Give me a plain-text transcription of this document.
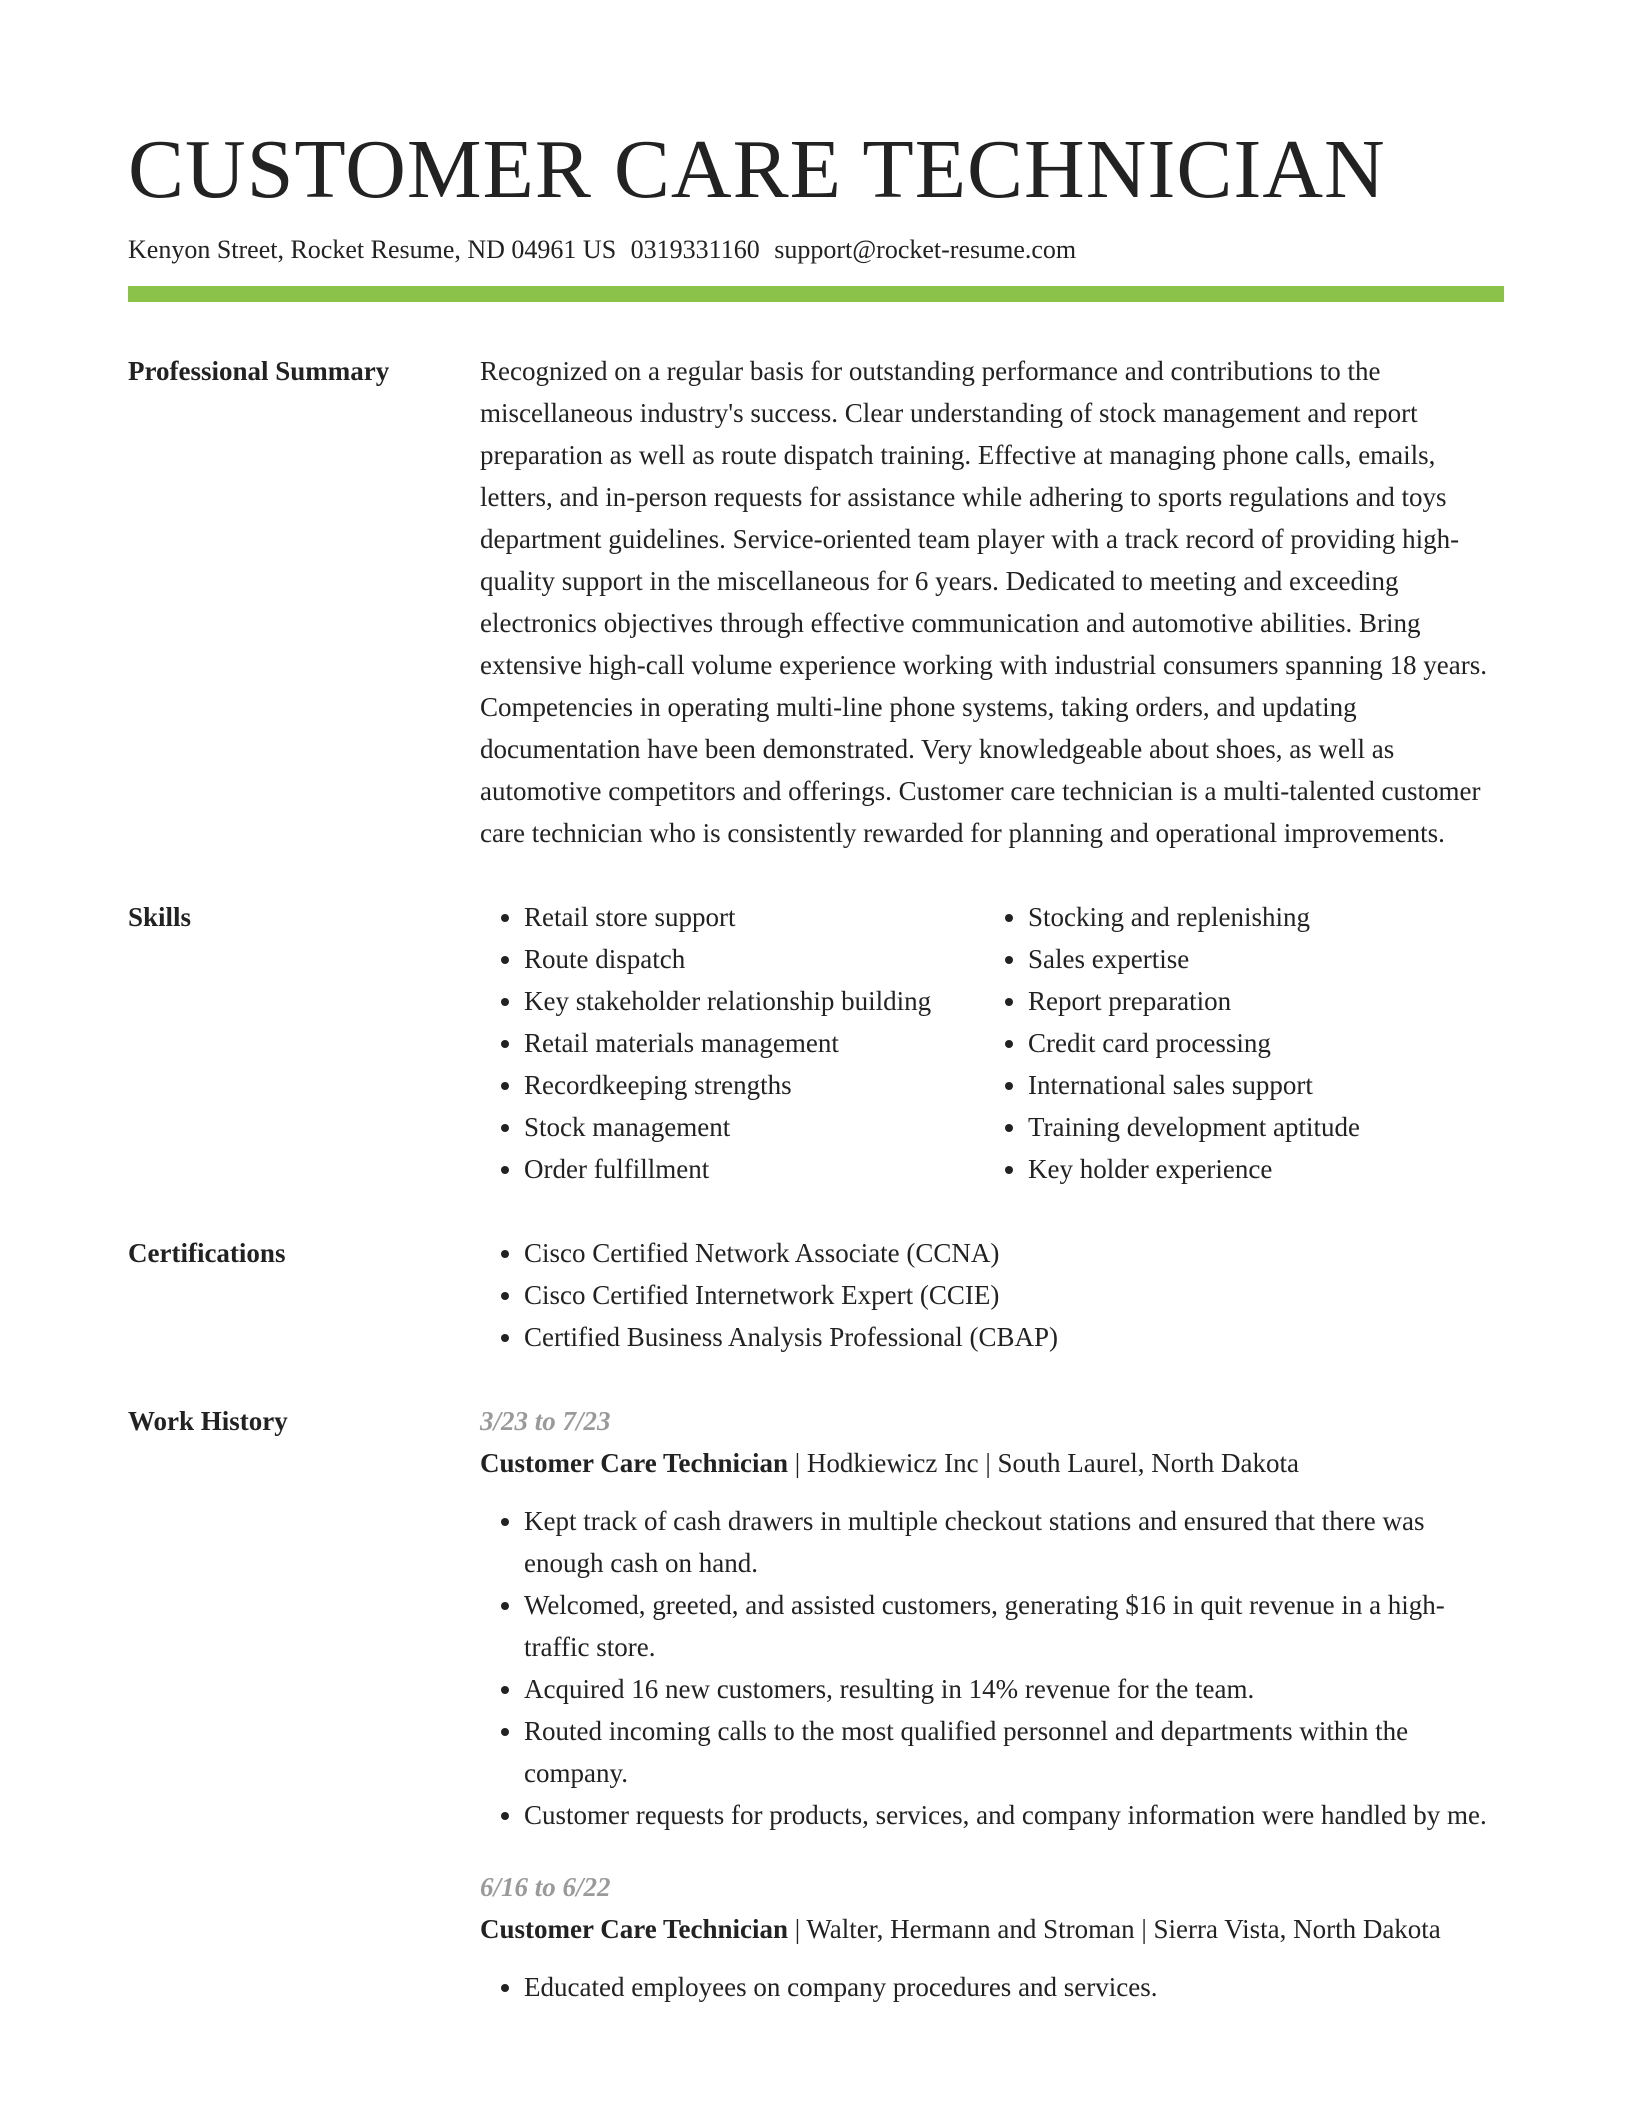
CUSTOMER CARE TECHNICIAN
Kenyon Street, Rocket Resume, ND 04961 US 0319331160 support@rocket-resume.com
Professional Summary	Recognized on a regular basis for outstanding performance and contributions to the miscellaneous industry's success. Clear understanding of stock management and report preparation as well as route dispatch training. Effective at managing phone calls, emails, letters, and in-person requests for assistance while adhering to sports regulations and toys department guidelines. Service-oriented team player with a track record of providing high-quality support in the miscellaneous for 6 years. Dedicated to meeting and exceeding electronics objectives through effective communication and automotive abilities. Bring extensive high-call volume experience working with industrial consumers spanning 18 years. Competencies in operating multi-line phone systems, taking orders, and updating documentation have been demonstrated. Very knowledgeable about shoes, as well as automotive competitors and offerings. Customer care technician is a multi-talented customer care technician who is consistently rewarded for planning and operational improvements.

Skills	• Retail store support
• Route dispatch
• Key stakeholder relationship building
• Retail materials management
• Recordkeeping strengths
• Stock management
• Order fulfillment
• Stocking and replenishing
• Sales expertise
• Report preparation
• Credit card processing
• International sales support
• Training development aptitude
• Key holder experience
Certifications	• Cisco Certified Network Associate (CCNA)
• Cisco Certified Internetwork Expert (CCIE)
• Certified Business Analysis Professional (CBAP)
Work History	3/23 to 7/23
Customer Care Technician | Hodkiewicz Inc | South Laurel, North Dakota
• Kept track of cash drawers in multiple checkout stations and ensured that there was enough cash on hand.
• Welcomed, greeted, and assisted customers, generating $16 in quit revenue in a high-traffic store.
• Acquired 16 new customers, resulting in 14% revenue for the team.
• Routed incoming calls to the most qualified personnel and departments within the company.
• Customer requests for products, services, and company information were handled by me.
6/16 to 6/22
Customer Care Technician | Walter, Hermann and Stroman | Sierra Vista, North Dakota
• Educated employees on company procedures and services.
